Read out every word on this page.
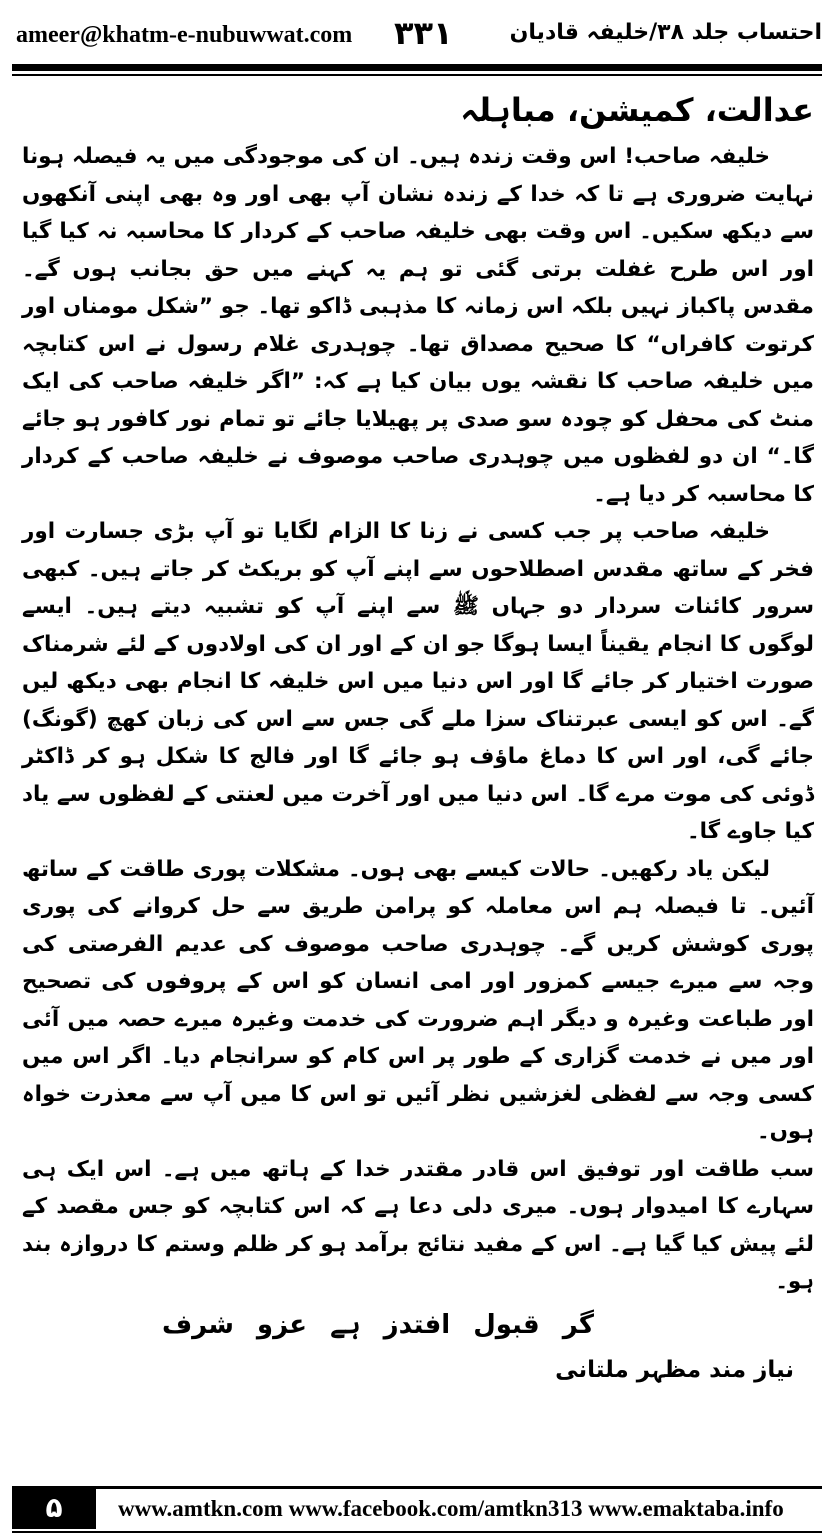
ameer@khatm-e-nubuwwat.com ۳۳۱	احتساب جلد ۳۸/خلیفہ قادیان
عدالت، کمیشن، مباہلہ

خلیفہ صاحب! اس وقت زندہ ہیں۔ ان کی موجودگی میں یہ فیصلہ ہونا نہایت ضروری ہے تا کہ خدا کے زندہ نشان آپ بھی اور وہ بھی اپنی آنکھوں سے دیکھ سکیں۔ اس وقت بھی خلیفہ صاحب کے کردار کا محاسبہ نہ کیا گیا اور اس طرح غفلت برتی گئی تو ہم یہ کہنے میں حق بجانب ہوں گے۔ مقدس پاکباز نہیں بلکہ اس زمانہ کا مذہبی ڈاکو تھا۔ جو ”شکل مومناں اور کرتوت کافراں“ کا صحیح مصداق تھا۔ چوہدری غلام رسول نے اس کتابچہ میں خلیفہ صاحب کا نقشہ یوں بیان کیا ہے کہ: ”اگر خلیفہ صاحب کی ایک منٹ کی محفل کو چودہ سو صدی پر پھیلایا جائے تو تمام نور کافور ہو جائے گا۔“ ان دو لفظوں میں چوہدری صاحب موصوف نے خلیفہ صاحب کے کردار کا محاسبہ کر دیا ہے۔

خلیفہ صاحب پر جب کسی نے زنا کا الزام لگایا تو آپ بڑی جسارت اور فخر کے ساتھ مقدس اصطلاحوں سے اپنے آپ کو بریکٹ کر جاتے ہیں۔ کبھی سرور کائنات سردار دو جہاں ﷺ سے اپنے آپ کو تشبیہ دیتے ہیں۔ ایسے لوگوں کا انجام یقیناً ایسا ہوگا جو ان کے اور ان کی اولادوں کے لئے شرمناک صورت اختیار کر جائے گا اور اس دنیا میں اس خلیفہ کا انجام بھی دیکھ لیں گے۔ اس کو ایسی عبرتناک سزا ملے گی جس سے اس کی زبان کھچ (گونگ) جائے گی، اور اس کا دماغ ماؤف ہو جائے گا اور فالج کا شکل ہو کر ڈاکٹر ڈوئی کی موت مرے گا۔ اس دنیا میں اور آخرت میں لعنتی کے لفظوں سے یاد کیا جاوے گا۔

لیکن یاد رکھیں۔ حالات کیسے بھی ہوں۔ مشکلات پوری طاقت کے ساتھ آئیں۔ تا فیصلہ ہم اس معاملہ کو پرامن طریق سے حل کروانے کی پوری پوری کوشش کریں گے۔ چوہدری صاحب موصوف کی عدیم الفرصتی کی وجہ سے میرے جیسے کمزور اور امی انسان کو اس کے پروفوں کی تصحیح اور طباعت وغیرہ و دیگر اہم ضرورت کی خدمت وغیرہ میرے حصہ میں آئی اور میں نے خدمت گزاری کے طور پر اس کام کو سرانجام دیا۔ اگر اس میں کسی وجہ سے لفظی لغزشیں نظر آئیں تو اس کا میں آپ سے معذرت خواہ ہوں۔

سب طاقت اور توفیق اس قادر مقتدر خدا کے ہاتھ میں ہے۔ اس ایک ہی سہارے کا امیدوار ہوں۔ میری دلی دعا ہے کہ اس کتابچہ کو جس مقصد کے لئے پیش کیا گیا ہے۔ اس کے مفید نتائج برآمد ہو کر ظلم وستم کا دروازہ بند ہو۔

گر قبول افتدز ہے عزو شرف
نیاز مند مظہر ملتانی
۵	www.amtkn.com www.facebook.com/amtkn313 www.emaktaba.info
